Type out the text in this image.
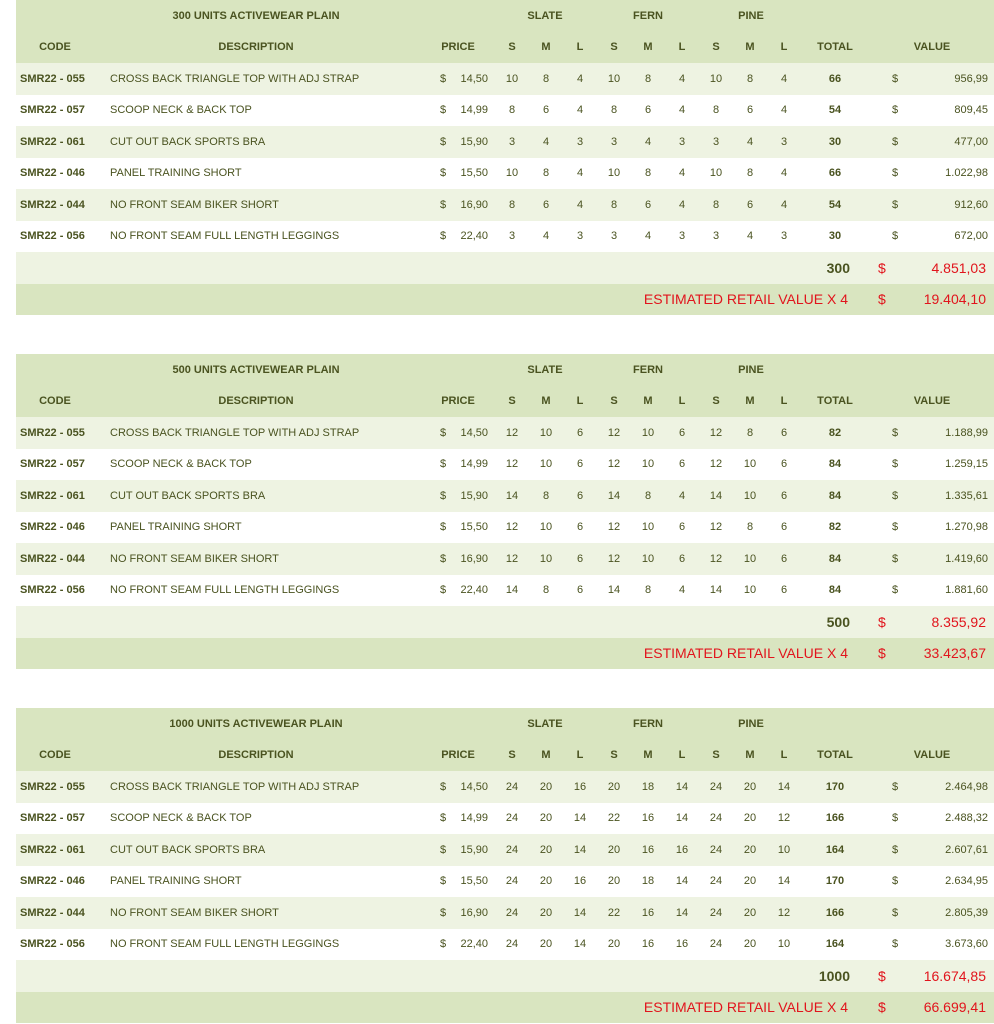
300 UNITS ACTIVEWEAR PLAIN	SLATE	FERN	PINE
CODE	DESCRIPTION	PRICE	S	M	L	S	M	L	S	M	L	TOTAL	VALUE
SMR22 - 055	CROSS BACK TRIANGLE TOP WITH ADJ STRAP	$	14,50	10	8	4	10	8	4	10	8	4	66	$	956,99
SMR22 - 057	SCOOP NECK & BACK TOP	$	14,99	8	6	4	8	6	4	8	6	4	54	$	809,45
SMR22 - 061	CUT OUT BACK SPORTS BRA	$	15,90	3	4	3	3	4	3	3	4	3	30	$	477,00
SMR22 - 046	PANEL TRAINING SHORT	$	15,50	10	8	4	10	8	4	10	8	4	66	$	1.022,98
SMR22 - 044	NO FRONT SEAM BIKER SHORT	$	16,90	8	6	4	8	6	4	8	6	4	54	$	912,60
SMR22 - 056	NO FRONT SEAM FULL LENGTH LEGGINGS	$	22,40	3	4	3	3	4	3	3	4	3	30	$	672,00
300 $	4.851,03
ESTIMATED RETAIL VALUE X 4 $	19.404,10
500 UNITS ACTIVEWEAR PLAIN	SLATE	FERN	PINE
CODE	DESCRIPTION	PRICE	S	M	L	S	M	L	S	M	L	TOTAL	VALUE
SMR22 - 055	CROSS BACK TRIANGLE TOP WITH ADJ STRAP	$	14,50	12	10	6	12	10	6	12	8	6	82	$	1.188,99
SMR22 - 057	SCOOP NECK & BACK TOP	$	14,99	12	10	6	12	10	6	12	10	6	84	$	1.259,15
SMR22 - 061	CUT OUT BACK SPORTS BRA	$	15,90	14	8	6	14	8	4	14	10	6	84	$	1.335,61
SMR22 - 046	PANEL TRAINING SHORT	$	15,50	12	10	6	12	10	6	12	8	6	82	$	1.270,98
SMR22 - 044	NO FRONT SEAM BIKER SHORT	$	16,90	12	10	6	12	10	6	12	10	6	84	$	1.419,60
SMR22 - 056	NO FRONT SEAM FULL LENGTH LEGGINGS	$	22,40	14	8	6	14	8	4	14	10	6	84	$	1.881,60
500 $	8.355,92
ESTIMATED RETAIL VALUE X 4 $	33.423,67
1000 UNITS ACTIVEWEAR PLAIN	SLATE	FERN	PINE
CODE	DESCRIPTION	PRICE	S	M	L	S	M	L	S	M	L	TOTAL	VALUE
SMR22 - 055	CROSS BACK TRIANGLE TOP WITH ADJ STRAP	$	14,50	24	20	16	20	18	14	24	20	14	170	$	2.464,98
SMR22 - 057	SCOOP NECK & BACK TOP	$	14,99	24	20	14	22	16	14	24	20	12	166	$	2.488,32
SMR22 - 061	CUT OUT BACK SPORTS BRA	$	15,90	24	20	14	20	16	16	24	20	10	164	$	2.607,61
SMR22 - 046	PANEL TRAINING SHORT	$	15,50	24	20	16	20	18	14	24	20	14	170	$	2.634,95
SMR22 - 044	NO FRONT SEAM BIKER SHORT	$	16,90	24	20	14	22	16	14	24	20	12	166	$	2.805,39
SMR22 - 056	NO FRONT SEAM FULL LENGTH LEGGINGS	$	22,40	24	20	14	20	16	16	24	20	10	164	$	3.673,60
1000 $	16.674,85
ESTIMATED RETAIL VALUE X 4 $	66.699,41
